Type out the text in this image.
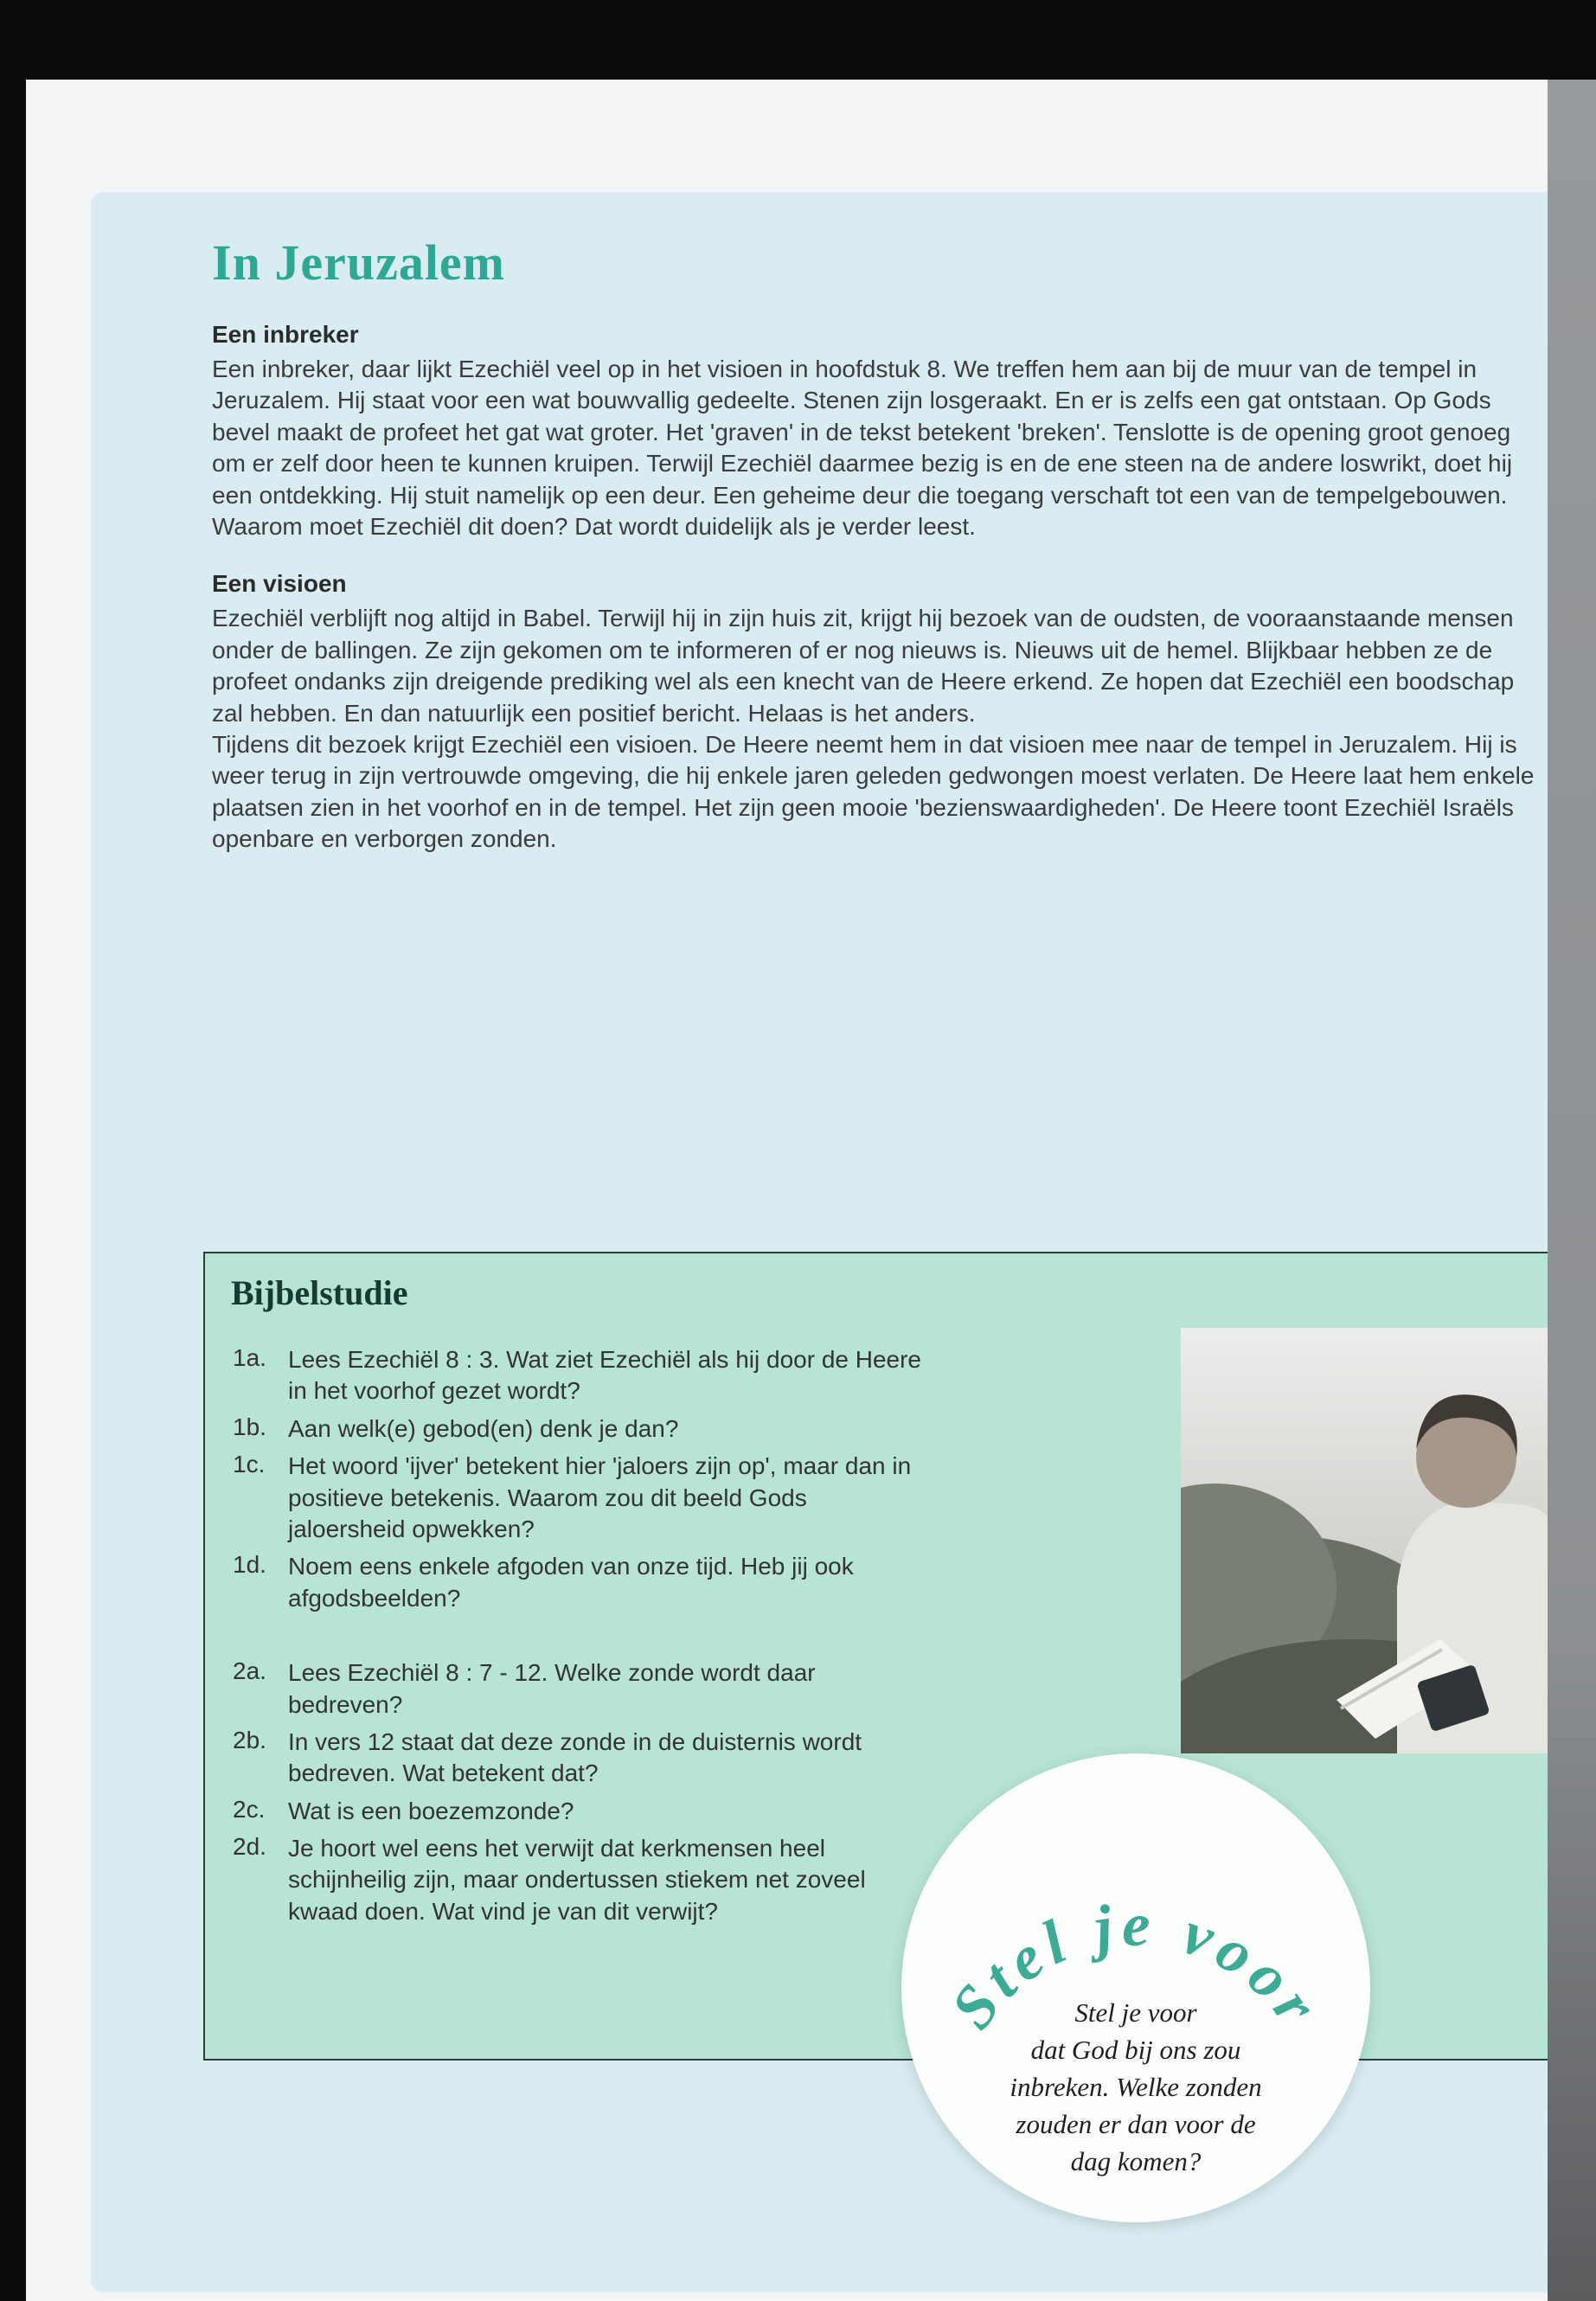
In Jeruzalem
Een inbreker

Een inbreker, daar lijkt Ezechiël veel op in het visioen in hoofdstuk 8. We treffen hem aan bij de muur van de tempel in Jeruzalem. Hij staat voor een wat bouwvallig gedeelte. Stenen zijn losgeraakt. En er is zelfs een gat ontstaan. Op Gods bevel maakt de profeet het gat wat groter. Het 'graven' in de tekst betekent 'breken'. Tenslotte is de opening groot genoeg om er zelf door heen te kunnen kruipen. Terwijl Ezechiël daarmee bezig is en de ene steen na de andere loswrikt, doet hij een ontdekking. Hij stuit namelijk op een deur. Een geheime deur die toegang verschaft tot een van de tempelgebouwen. Waarom moet Ezechiël dit doen? Dat wordt duidelijk als je verder leest.

Een visioen

Ezechiël verblijft nog altijd in Babel. Terwijl hij in zijn huis zit, krijgt hij bezoek van de oudsten, de vooraanstaande mensen onder de ballingen. Ze zijn gekomen om te informeren of er nog nieuws is. Nieuws uit de hemel. Blijkbaar hebben ze de profeet ondanks zijn dreigende prediking wel als een knecht van de Heere erkend. Ze hopen dat Ezechiël een boodschap zal hebben. En dan natuurlijk een positief bericht. Helaas is het anders.

Tijdens dit bezoek krijgt Ezechiël een visioen. De Heere neemt hem in dat visioen mee naar de tempel in Jeruzalem. Hij is weer terug in zijn vertrouwde omgeving, die hij enkele jaren geleden gedwongen moest verlaten. De Heere laat hem enkele plaatsen zien in het voorhof en in de tempel. Het zijn geen mooie 'bezienswaardigheden'. De Heere toont Ezechiël Israëls openbare en verborgen zonden.

Bijbelstudie
1a. Lees Ezechiël 8 : 3. Wat ziet Ezechiël als hij door de Heere in het voorhof gezet wordt?
1b. Aan welk(e) gebod(en) denk je dan?
1c. Het woord 'ijver' betekent hier 'jaloers zijn op', maar dan in positieve betekenis. Waarom zou dit beeld Gods jaloersheid opwekken?
1d. Noem eens enkele afgoden van onze tijd. Heb jij ook afgodsbeelden?
2a. Lees Ezechiël 8 : 7 - 12. Welke zonde wordt daar bedreven?
2b. In vers 12 staat dat deze zonde in de duisternis wordt bedreven. Wat betekent dat?
2c. Wat is een boezemzonde?
2d. Je hoort wel eens het verwijt dat kerkmensen heel schijnheilig zijn, maar ondertussen stiekem net zoveel kwaad doen. Wat vind je van dit verwijt?
Stel je voor
Stel je voor
dat God bij ons zou
inbreken. Welke zonden
zouden er dan voor de
dag komen?
